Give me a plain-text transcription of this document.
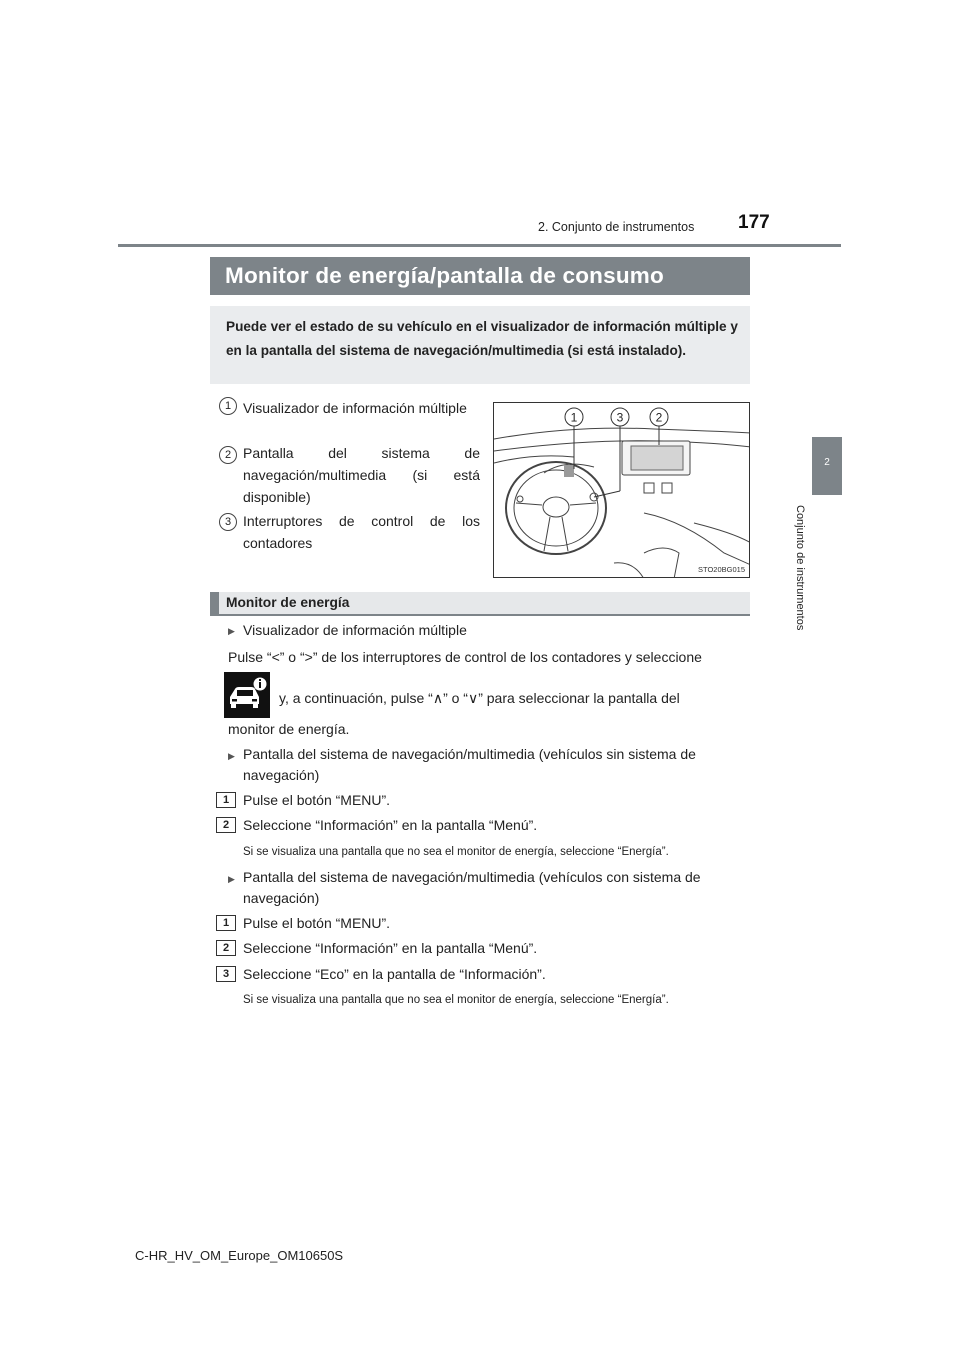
2. Conjunto de instrumentos 177
2
Conjunto de instrumentos
Monitor de energía/pantalla de consumo
Puede ver el estado de su vehículo en el visualizador de información múltiple y en la pantalla del sistema de navegación/multimedia (si está instalado).
1 Visualizador de información múltiple
2 Pantalla del sistema de navegación/multimedia (si está disponible)
3 Interruptores de control de los contadores
1	3	2
STO20BG015
Monitor de energía
▶ Visualizador de información múltiple
Pulse “<” o “>” de los interruptores de control de los contadores y seleccione
y, a continuación, pulse “∧” o “∨” para seleccionar la pantalla del
monitor de energía.
▶ Pantalla del sistema de navegación/multimedia (vehículos sin sistema de
navegación)
1 Pulse el botón “MENU”.
2 Seleccione “Información” en la pantalla “Menú”.
Si se visualiza una pantalla que no sea el monitor de energía, seleccione “Energía”.
▶ Pantalla del sistema de navegación/multimedia (vehículos con sistema de
navegación)
1 Pulse el botón “MENU”.
2 Seleccione “Información” en la pantalla “Menú”.
3 Seleccione “Eco” en la pantalla de “Información”.
Si se visualiza una pantalla que no sea el monitor de energía, seleccione “Energía”.
C-HR_HV_OM_Europe_OM10650S
